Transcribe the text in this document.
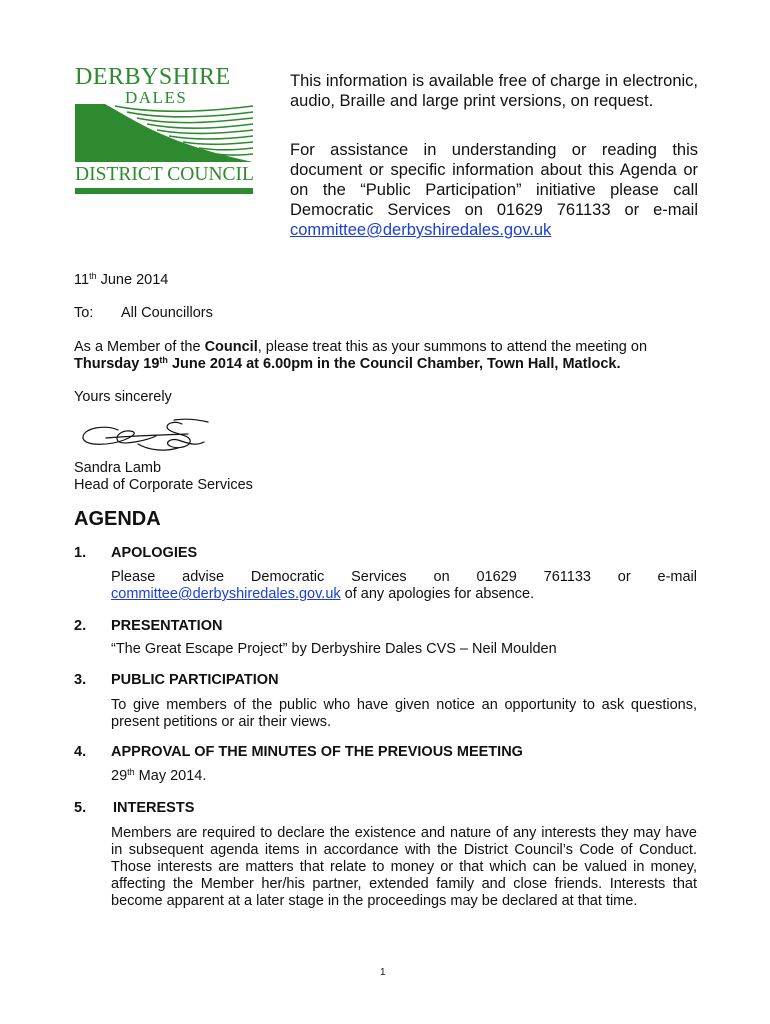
DERBYSHIRE
DALES
DISTRICT COUNCIL
This information is available free of charge in electronic, audio, Braille and large print versions, on request.
For assistance in understanding or reading this document or specific information about this Agenda or on the “Public Participation” initiative please call Democratic Services on 01629 761133 or e-mail committee@derbyshiredales.gov.uk
11th June 2014
To: All Councillors
As a Member of the Council, please treat this as your summons to attend the meeting on
Thursday 19th June 2014 at 6.00pm in the Council Chamber, Town Hall, Matlock.
Yours sincerely
Sandra Lamb
Head of Corporate Services
AGENDA
1. APOLOGIES
Please advise Democratic Services on 01629 761133 or e-mail
committee@derbyshiredales.gov.uk of any apologies for absence.
2. PRESENTATION
“The Great Escape Project” by Derbyshire Dales CVS – Neil Moulden
3. PUBLIC PARTICIPATION
To give members of the public who have given notice an opportunity to ask questions, present petitions or air their views.
4. APPROVAL OF THE MINUTES OF THE PREVIOUS MEETING
29th May 2014.
5. INTERESTS
Members are required to declare the existence and nature of any interests they may have in subsequent agenda items in accordance with the District Council’s Code of Conduct. Those interests are matters that relate to money or that which can be valued in money, affecting the Member her/his partner, extended family and close friends. Interests that become apparent at a later stage in the proceedings may be declared at that time.
1
